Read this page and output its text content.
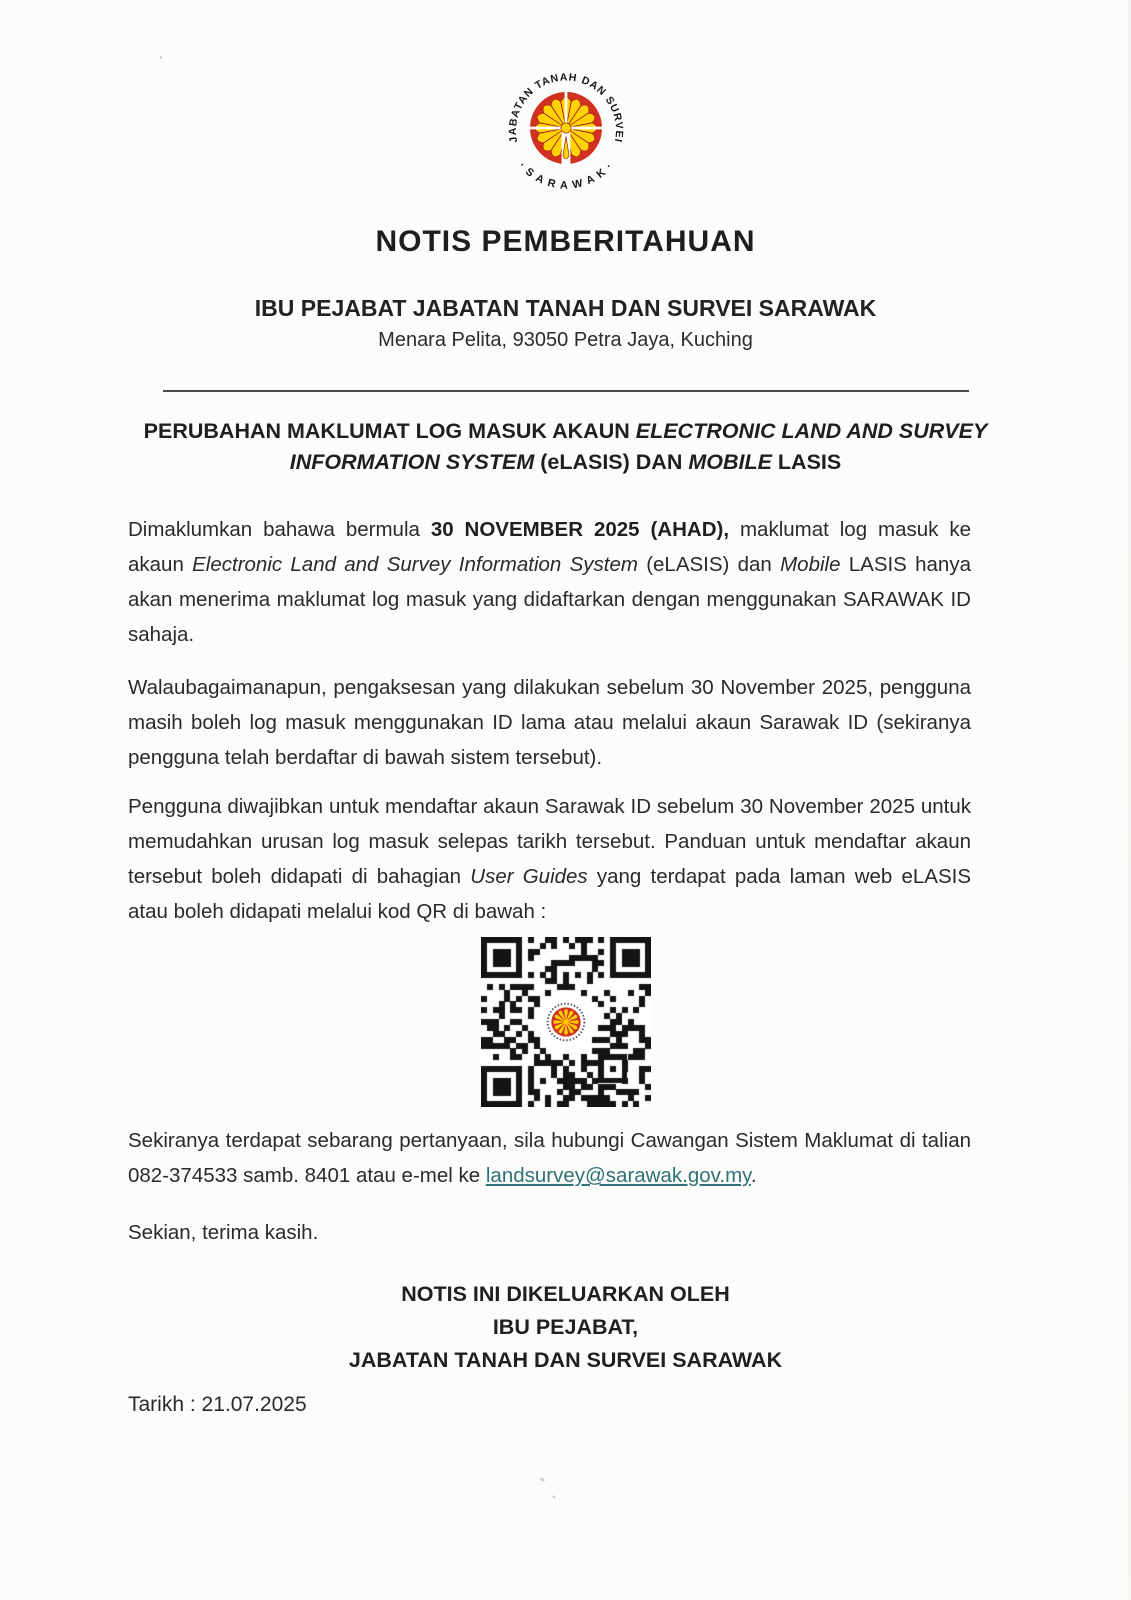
JABATAN TANAH DAN SURVEI
· S A R A W A K ·
NOTIS PEMBERITAHUAN
IBU PEJABAT JABATAN TANAH DAN SURVEI SARAWAK
Menara Pelita, 93050 Petra Jaya, Kuching
PERUBAHAN MAKLUMAT LOG MASUK AKAUN ELECTRONIC LAND AND SURVEY INFORMATION SYSTEM (eLASIS) DAN MOBILE LASIS
Dimaklumkan bahawa bermula 30 NOVEMBER 2025 (AHAD), maklumat log masuk ke akaun Electronic Land and Survey Information System (eLASIS) dan Mobile LASIS hanya akan menerima maklumat log masuk yang didaftarkan dengan menggunakan SARAWAK ID sahaja.
Walaubagaimanapun, pengaksesan yang dilakukan sebelum 30 November 2025, pengguna masih boleh log masuk menggunakan ID lama atau melalui akaun Sarawak ID (sekiranya pengguna telah berdaftar di bawah sistem tersebut).
Pengguna diwajibkan untuk mendaftar akaun Sarawak ID sebelum 30 November 2025 untuk memudahkan urusan log masuk selepas tarikh tersebut. Panduan untuk mendaftar akaun tersebut boleh didapati di bahagian User Guides yang terdapat pada laman web eLASIS atau boleh didapati melalui kod QR di bawah :
Sekiranya terdapat sebarang pertanyaan, sila hubungi Cawangan Sistem Maklumat di talian 082-374533 samb. 8401 atau e-mel ke landsurvey@sarawak.gov.my.
Sekian, terima kasih.
NOTIS INI DIKELUARKAN OLEH
IBU PEJABAT,
JABATAN TANAH DAN SURVEI SARAWAK
Tarikh : 21.07.2025
